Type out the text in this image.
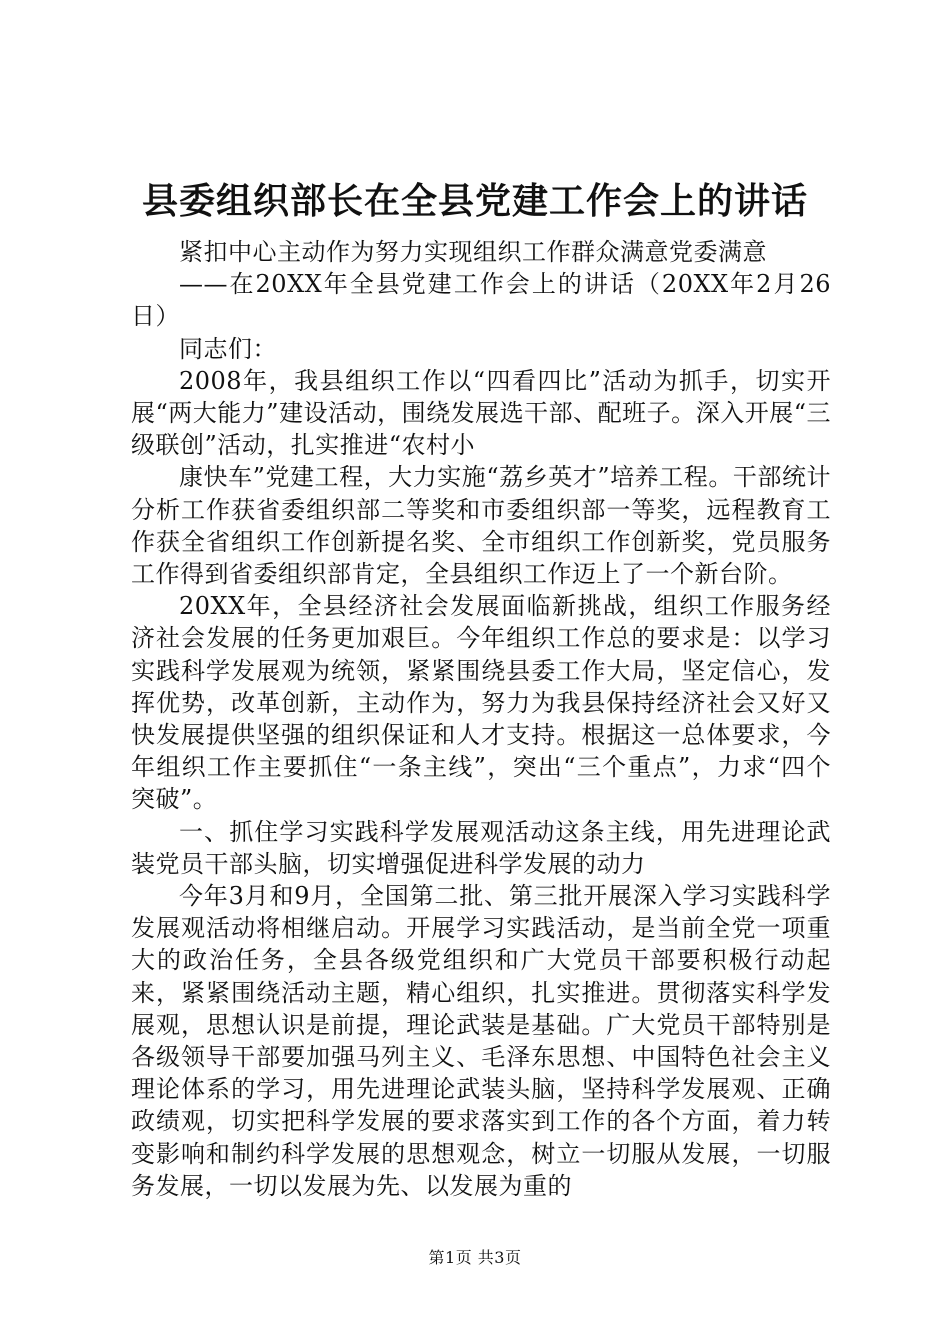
县委组织部长在全县党建工作会上的讲话

紧扣中心主动作为努力实现组织工作群众满意党委满意

——在20XX年全县党建工作会上的讲话（20XX年2月26日）

同志们：

2008年，我县组织工作以“四看四比”活动为抓手，切实开展“两大能力”建设活动，围绕发展选干部、配班子。深入开展“三级联创”活动，扎实推进“农村小

康快车”党建工程，大力实施“荔乡英才”培养工程。干部统计分析工作获省委组织部二等奖和市委组织部一等奖，远程教育工作获全省组织工作创新提名奖、全市组织工作创新奖，党员服务工作得到省委组织部肯定，全县组织工作迈上了一个新台阶。

20XX年，全县经济社会发展面临新挑战，组织工作服务经济社会发展的任务更加艰巨。今年组织工作总的要求是：以学习实践科学发展观为统领，紧紧围绕县委工作大局，坚定信心，发挥优势，改革创新，主动作为，努力为我县保持经济社会又好又快发展提供坚强的组织保证和人才支持。根据这一总体要求，今年组织工作主要抓住“一条主线”，突出“三个重点”，力求“四个突破”。

一、抓住学习实践科学发展观活动这条主线，用先进理论武装党员干部头脑，切实增强促进科学发展的动力

今年3月和9月，全国第二批、第三批开展深入学习实践科学发展观活动将相继启动。开展学习实践活动，是当前全党一项重大的政治任务，全县各级党组织和广大党员干部要积极行动起来，紧紧围绕活动主题，精心组织，扎实推进。贯彻落实科学发展观，思想认识是前提，理论武装是基础。广大党员干部特别是各级领导干部要加强马列主义、毛泽东思想、中国特色社会主义理论体系的学习，用先进理论武装头脑，坚持科学发展观、正确政绩观，切实把科学发展的要求落实到工作的各个方面，着力转变影响和制约科学发展的思想观念，树立一切服从发展，一切服务发展，一切以发展为先、以发展为重的

第1页 共3页
